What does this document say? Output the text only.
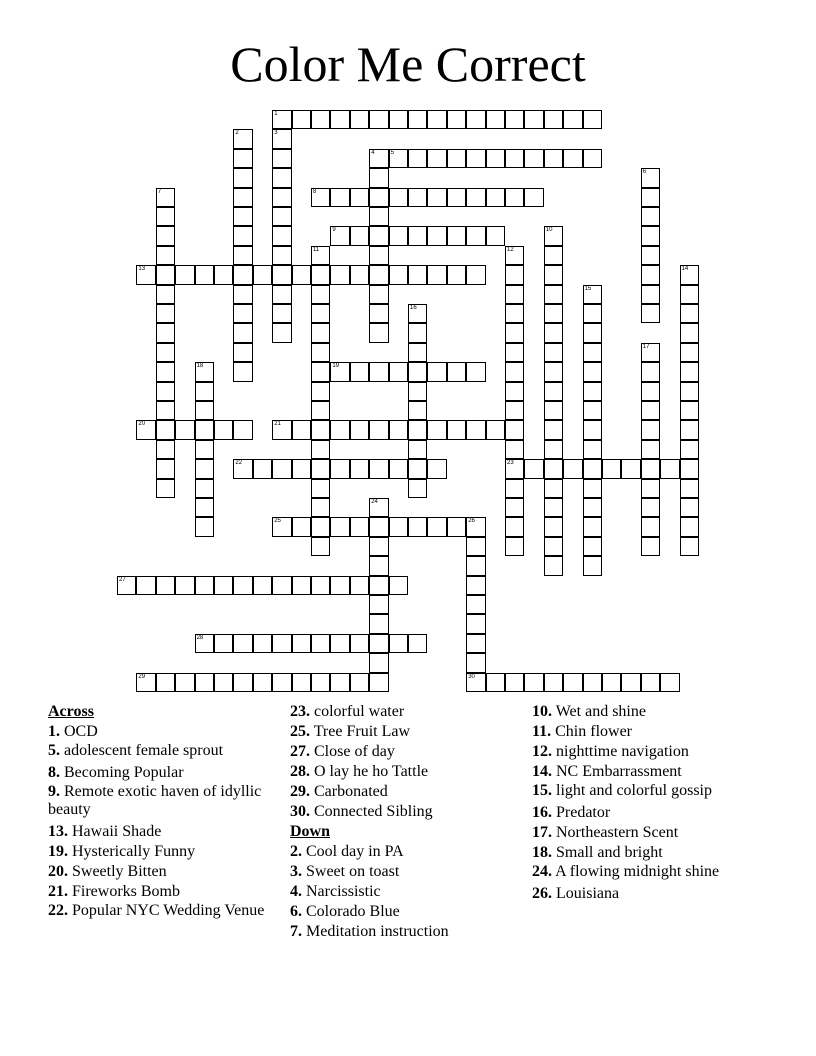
Color Me Correct
1
5
8
9
13
19
20	21
22	23
25
27
28
29	30
2	3
4
6
7
10
11	12
14
15
16
17
18
24
26
Across
1. OCD
5. adolescent female sprout
8. Becoming Popular
9. Remote exotic haven of idyllic beauty
13. Hawaii Shade
19. Hysterically Funny
20. Sweetly Bitten
21. Fireworks Bomb
22. Popular NYC Wedding Venue
23. colorful water
25. Tree Fruit Law
27. Close of day
28. O lay he ho Tattle
29. Carbonated
30. Connected Sibling
Down
2. Cool day in PA
3. Sweet on toast
4. Narcissistic
6. Colorado Blue
7. Meditation instruction
10. Wet and shine
11. Chin flower
12. nighttime navigation
14. NC Embarrassment
15. light and colorful gossip
16. Predator
17. Northeastern Scent
18. Small and bright
24. A flowing midnight shine
26. Louisiana
